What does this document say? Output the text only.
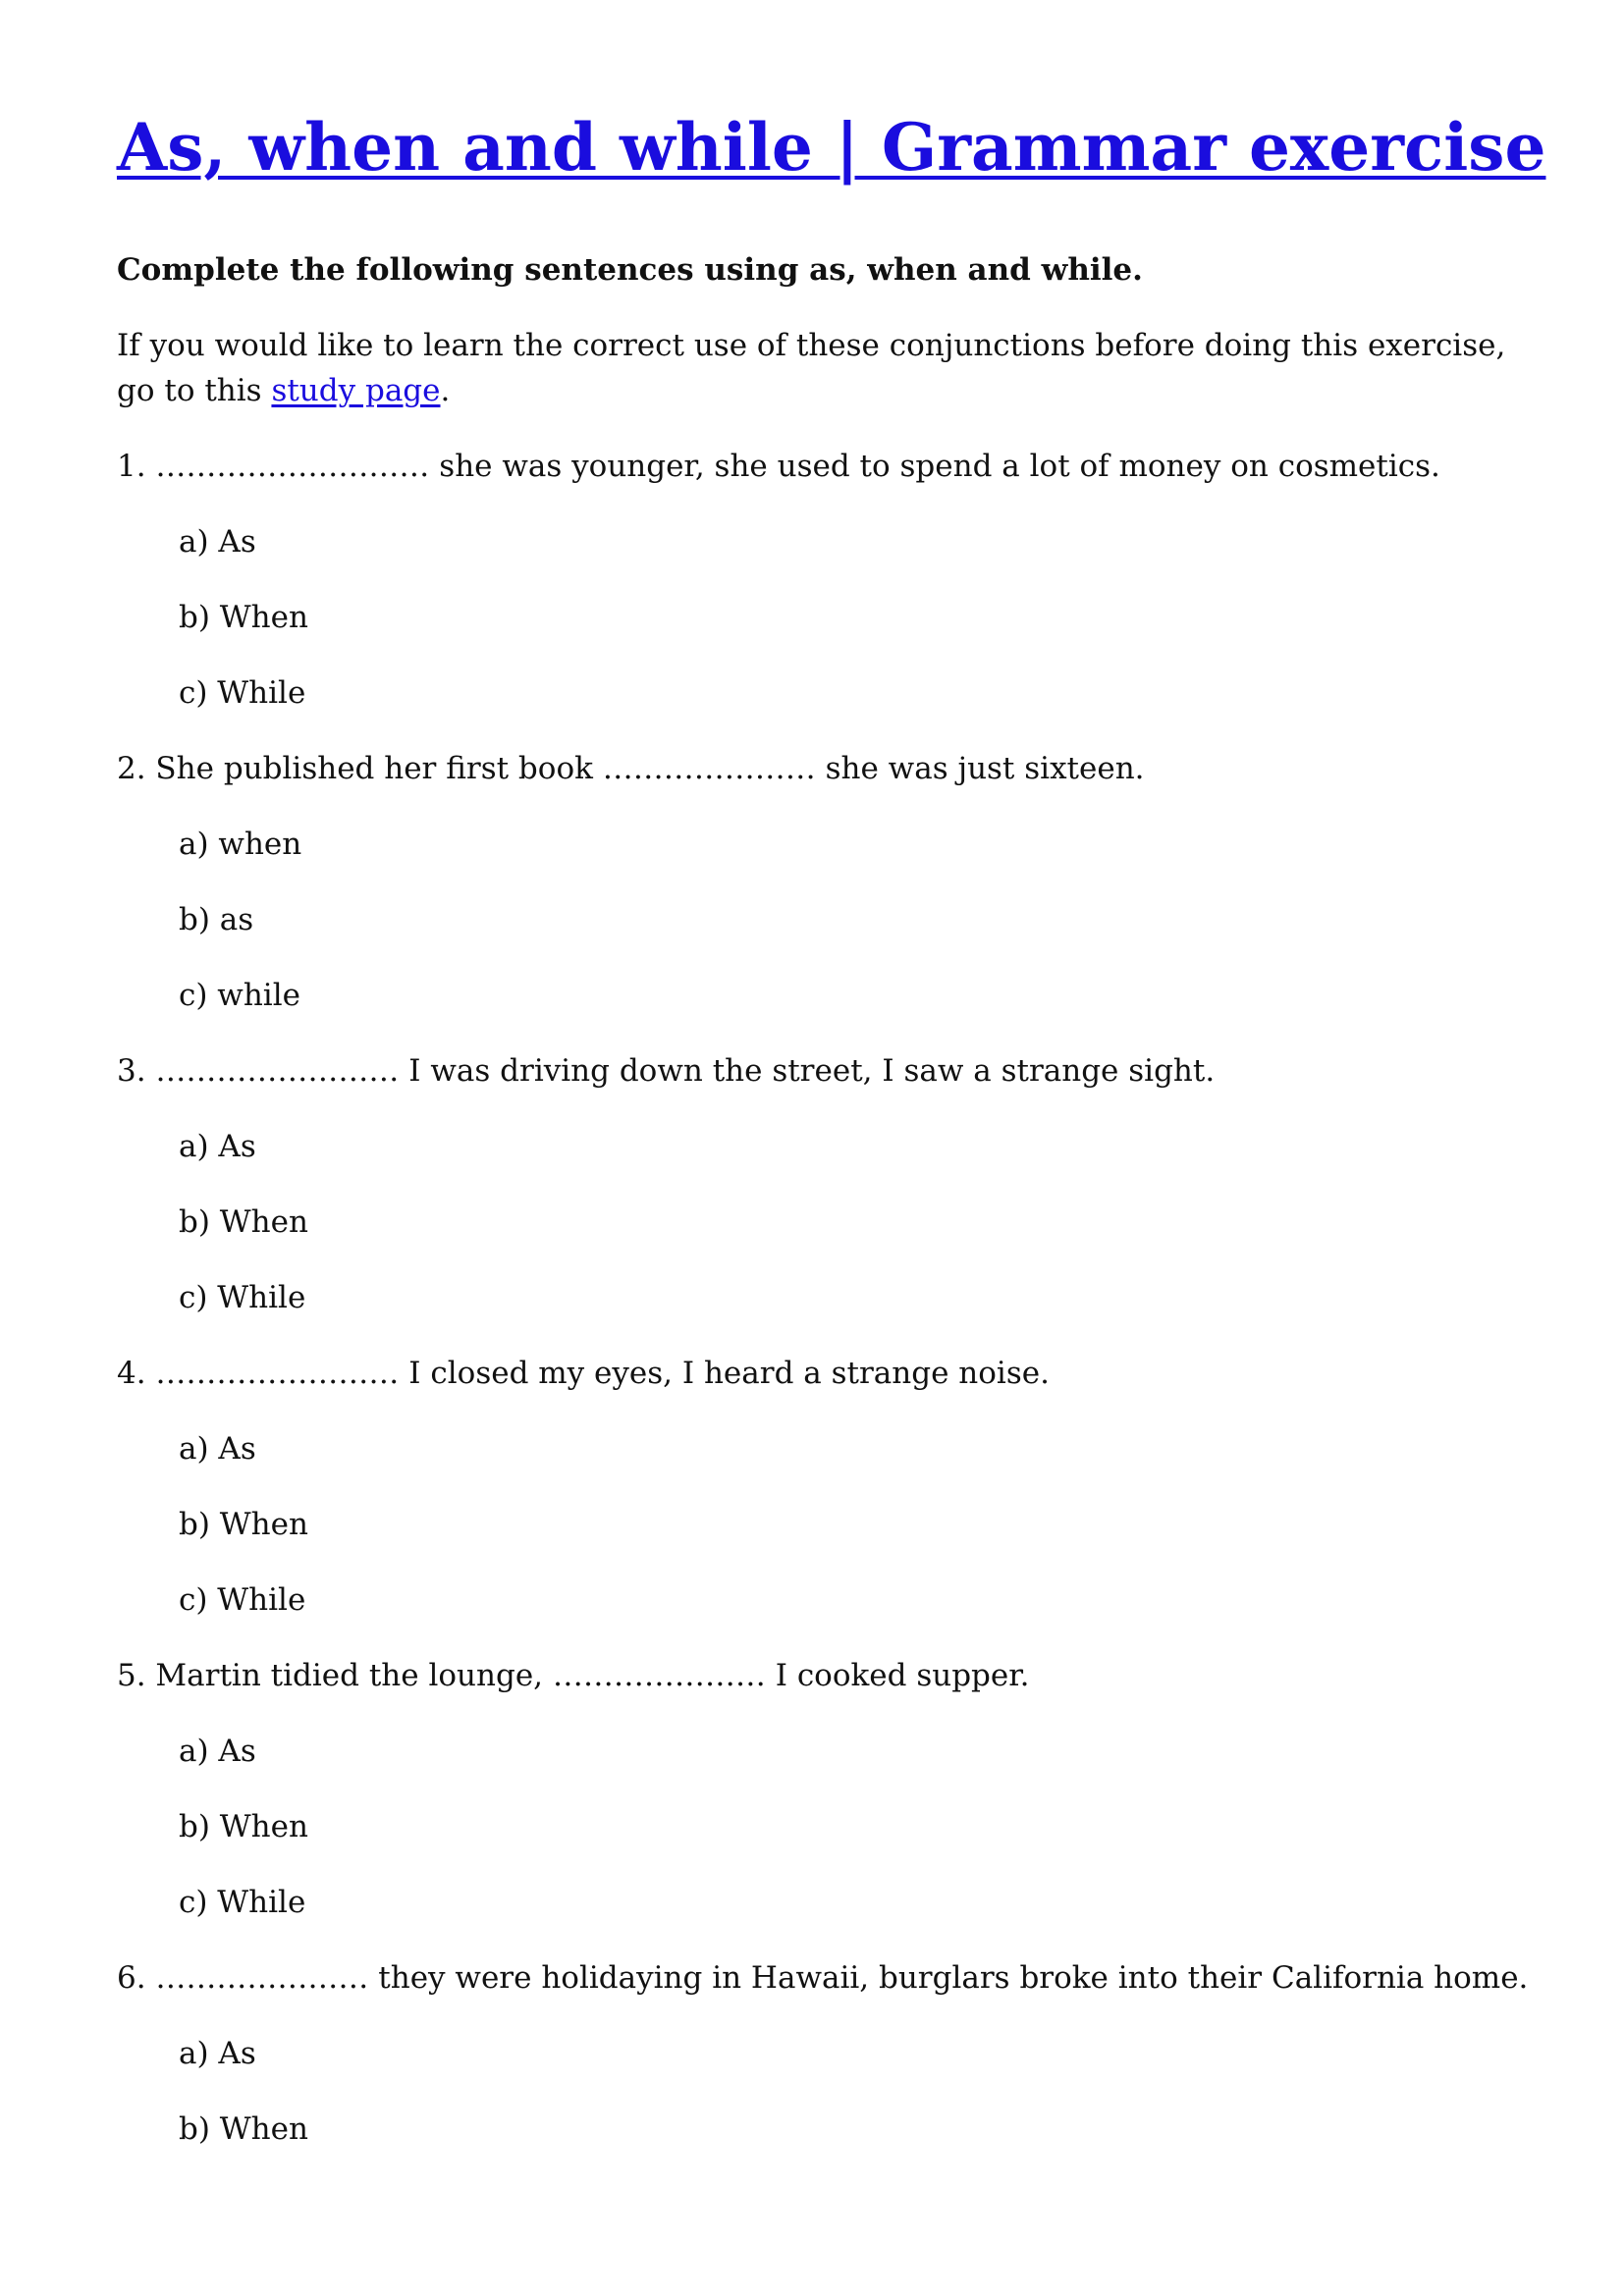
As, when and while | Grammar exercise

Complete the following sentences using as, when and while.

If you would like to learn the correct use of these conjunctions before doing this exercise, go to this study page.

1. ……………………… she was younger, she used to spend a lot of money on cosmetics.

a) As

b) When

c) While

2. She published her first book ………………… she was just sixteen.

a) when

b) as

c) while

3. …………………… I was driving down the street, I saw a strange sight.

a) As

b) When

c) While

4. …………………… I closed my eyes, I heard a strange noise.

a) As

b) When

c) While

5. Martin tidied the lounge, ………………… I cooked supper.

a) As

b) When

c) While

6. ………………… they were holidaying in Hawaii, burglars broke into their California home.

a) As

b) When
